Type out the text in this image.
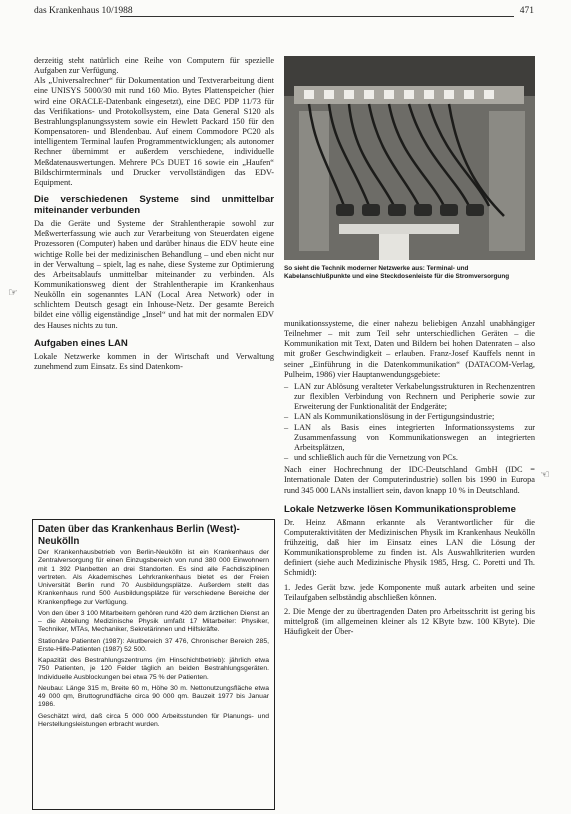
das Krankenhaus 10/1988	471

derzeitig steht natürlich eine Reihe von Computern für spezielle Aufgaben zur Verfügung.

Als „Universalrechner“ für Dokumentation und Textverarbeitung dient eine UNISYS 5000/30 mit rund 160 Mio. Bytes Plattenspeicher (hier wird eine ORACLE-Datenbank eingesetzt), eine DEC PDP 11/73 für das Verifikations- und Protokollsystem, eine Data General S120 als Bestrahlungsplanungssystem sowie ein Hewlett Packard 150 für den Kompensatoren- und Blendenbau. Auf einem Commodore PC20 als intelligentem Terminal laufen Programmentwicklungen; als autonomer Rechner übernimmt er außerdem verschiedene, individuelle Meßdatenauswertungen. Mehrere PCs DUET 16 sowie ein „Haufen“ Bildschirmterminals und Drucker vervollständigen das EDV-Equipment.

Die verschiedenen Systeme sind unmittelbar miteinander verbunden

Da die Geräte und Systeme der Strahlentherapie sowohl zur Meßwerterfassung wie auch zur Verarbeitung von Steuerdaten eigene Prozessoren (Computer) haben und darüber hinaus die EDV heute eine wichtige Rolle bei der medizinischen Behandlung – und eben nicht nur in der Verwaltung – spielt, lag es nahe, diese Systeme zur Optimierung des Arbeitsablaufs unmittelbar miteinander zu verbinden. Als Kommunikationsweg dient der Strahlentherapie im Krankenhaus Neukölln ein sogenanntes LAN (Local Area Network) oder in schlichtem Deutsch gesagt ein Inhouse-Netz. Der gesamte Bereich bildet eine völlig eigenständige „Insel“ und hat mit der normalen EDV des Hauses nichts zu tun.

Aufgaben eines LAN

Lokale Netzwerke kommen in der Wirtschaft und Verwaltung zunehmend zum Einsatz. Es sind Datenkom-

☞
☜
Daten über das Krankenhaus Berlin (West)-Neukölln

Der Krankenhausbetrieb von Berlin-Neukölln ist ein Krankenhaus der Zentralversorgung für einen Einzugsbereich von rund 380 000 Einwohnern mit 1 392 Planbetten an drei Standorten. Es sind alle Fachdisziplinen vertreten. Als Akademisches Lehrkrankenhaus bietet es der Freien Universität Berlin rund 70 Ausbildungsplätze. Außerdem stellt das Krankenhaus rund 500 Ausbildungsplätze für verschiedene Bereiche der Krankenpflege zur Verfügung.

Von den über 3 100 Mitarbeitern gehören rund 420 dem ärztlichen Dienst an – die Abteilung Medizinische Physik umfaßt 17 Mitarbeiter: Physiker, Techniker, MTAs, Mechaniker, Sekretärinnen und Hilfskräfte.

Stationäre Patienten (1987): Akutbereich 37 476, Chronischer Bereich 285, Erste-Hilfe-Patienten (1987) 52 500.

Kapazität des Bestrahlungszentrums (im Hinschichtbetrieb): jährlich etwa 750 Patienten, je 120 Felder täglich an beiden Bestrahlungsgeräten. Individuelle Ausblockungen bei etwa 75 % der Patienten.

Neubau: Länge 315 m, Breite 60 m, Höhe 30 m. Nettonutzungsfläche etwa 49 000 qm, Bruttogrundfläche circa 90 000 qm. Bauzeit 1977 bis Januar 1986.

Geschätzt wird, daß circa 5 000 000 Arbeitsstunden für Planungs- und Herstellungsleistungen erbracht wurden.

So sieht die Technik moderner Netzwerke aus: Terminal- und Kabelanschlußpunkte und eine Steckdosenleiste für die Stromversorgung

munikationssysteme, die einer nahezu beliebigen Anzahl unabhängiger Teilnehmer – mit zum Teil sehr unterschiedlichen Geräten – die Kommunikation mit Text, Daten und Bildern bei hohen Datenraten – also mit großer Geschwindigkeit – erlauben. Franz-Josef Kauffels nennt in seiner „Einführung in die Datenkommunikation“ (DATACOM-Verlag, Pulheim, 1986) vier Hauptanwendungsgebiete:

– LAN zur Ablösung veralteter Verkabelungsstrukturen in Rechenzentren zur flexiblen Verbindung von Rechnern und Peripherie sowie zur Erweiterung der Funktionalität der Endgeräte;
– LAN als Kommunikationslösung in der Fertigungsindustrie;
– LAN als Basis eines integrierten Informationssystems zur Zusammenfassung von Kommunikationswegen an integrierten Arbeitsplätzen,
– und schließlich auch für die Vernetzung von PCs.

Nach einer Hochrechnung der IDC-Deutschland GmbH (IDC = Internationale Daten der Computerindustrie) sollen bis 1990 in Europa rund 345 000 LANs installiert sein, davon knapp 10 % in Deutschland.

Lokale Netzwerke lösen Kommunikationsprobleme

Dr. Heinz Aßmann erkannte als Verantwortlicher für die Computeraktivitäten der Medizinischen Physik im Krankenhaus Neukölln frühzeitig, daß hier im Einsatz eines LAN die Lösung der Kommunikationsprobleme zu finden ist. Als Auswahlkriterien wurden definiert (siehe auch Medizinische Physik 1985, Hrsg. C. Poretti und Th. Schmidt):

1. Jedes Gerät bzw. jede Komponente muß autark arbeiten und seine Teilaufgaben selbständig abschließen können.

2. Die Menge der zu übertragenden Daten pro Arbeitsschritt ist gering bis mittelgroß (im allgemeinen kleiner als 12 KByte bzw. 100 KByte). Die Häufigkeit der Über-
